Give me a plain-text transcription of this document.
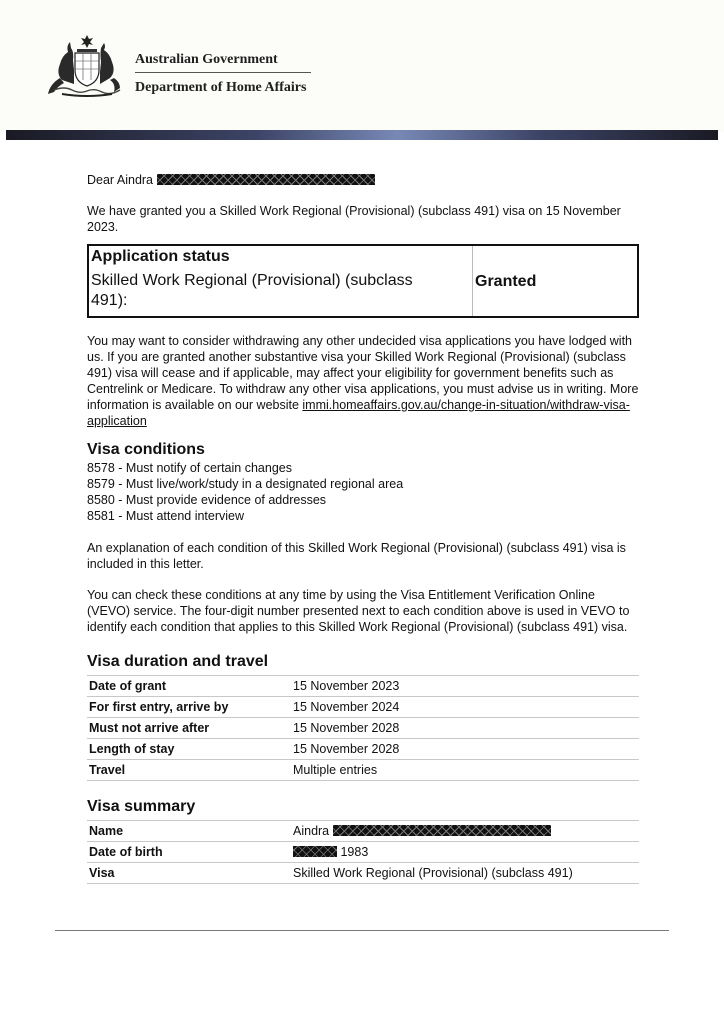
Australian Government
Department of Home Affairs

Dear Aindra

We have granted you a Skilled Work Regional (Provisional) (subclass 491) visa on 15 November 2023.

Application status
Skilled Work Regional (Provisional) (subclass 491):
Granted

You may want to consider withdrawing any other undecided visa applications you have lodged with us. If you are granted another substantive visa your Skilled Work Regional (Provisional) (subclass 491) visa will cease and if applicable, may affect your eligibility for government benefits such as Centrelink or Medicare. To withdraw any other visa applications, you must advise us in writing. More information is available on our website immi.homeaffairs.gov.au/change-in-situation/withdraw-visa-application

Visa conditions

8578 - Must notify of certain changes

8579 - Must live/work/study in a designated regional area

8580 - Must provide evidence of addresses

8581 - Must attend interview

An explanation of each condition of this Skilled Work Regional (Provisional) (subclass 491) visa is included in this letter.

You can check these conditions at any time by using the Visa Entitlement Verification Online (VEVO) service. The four-digit number presented next to each condition above is used in VEVO to identify each condition that applies to this Skilled Work Regional (Provisional) (subclass 491) visa.

Visa duration and travel
Date of grant	15 November 2023
For first entry, arrive by	15 November 2024
Must not arrive after	15 November 2028
Length of stay	15 November 2028
Travel	Multiple entries
Visa summary
Name	Aindra
Date of birth	1983
Visa	Skilled Work Regional (Provisional) (subclass 491)
